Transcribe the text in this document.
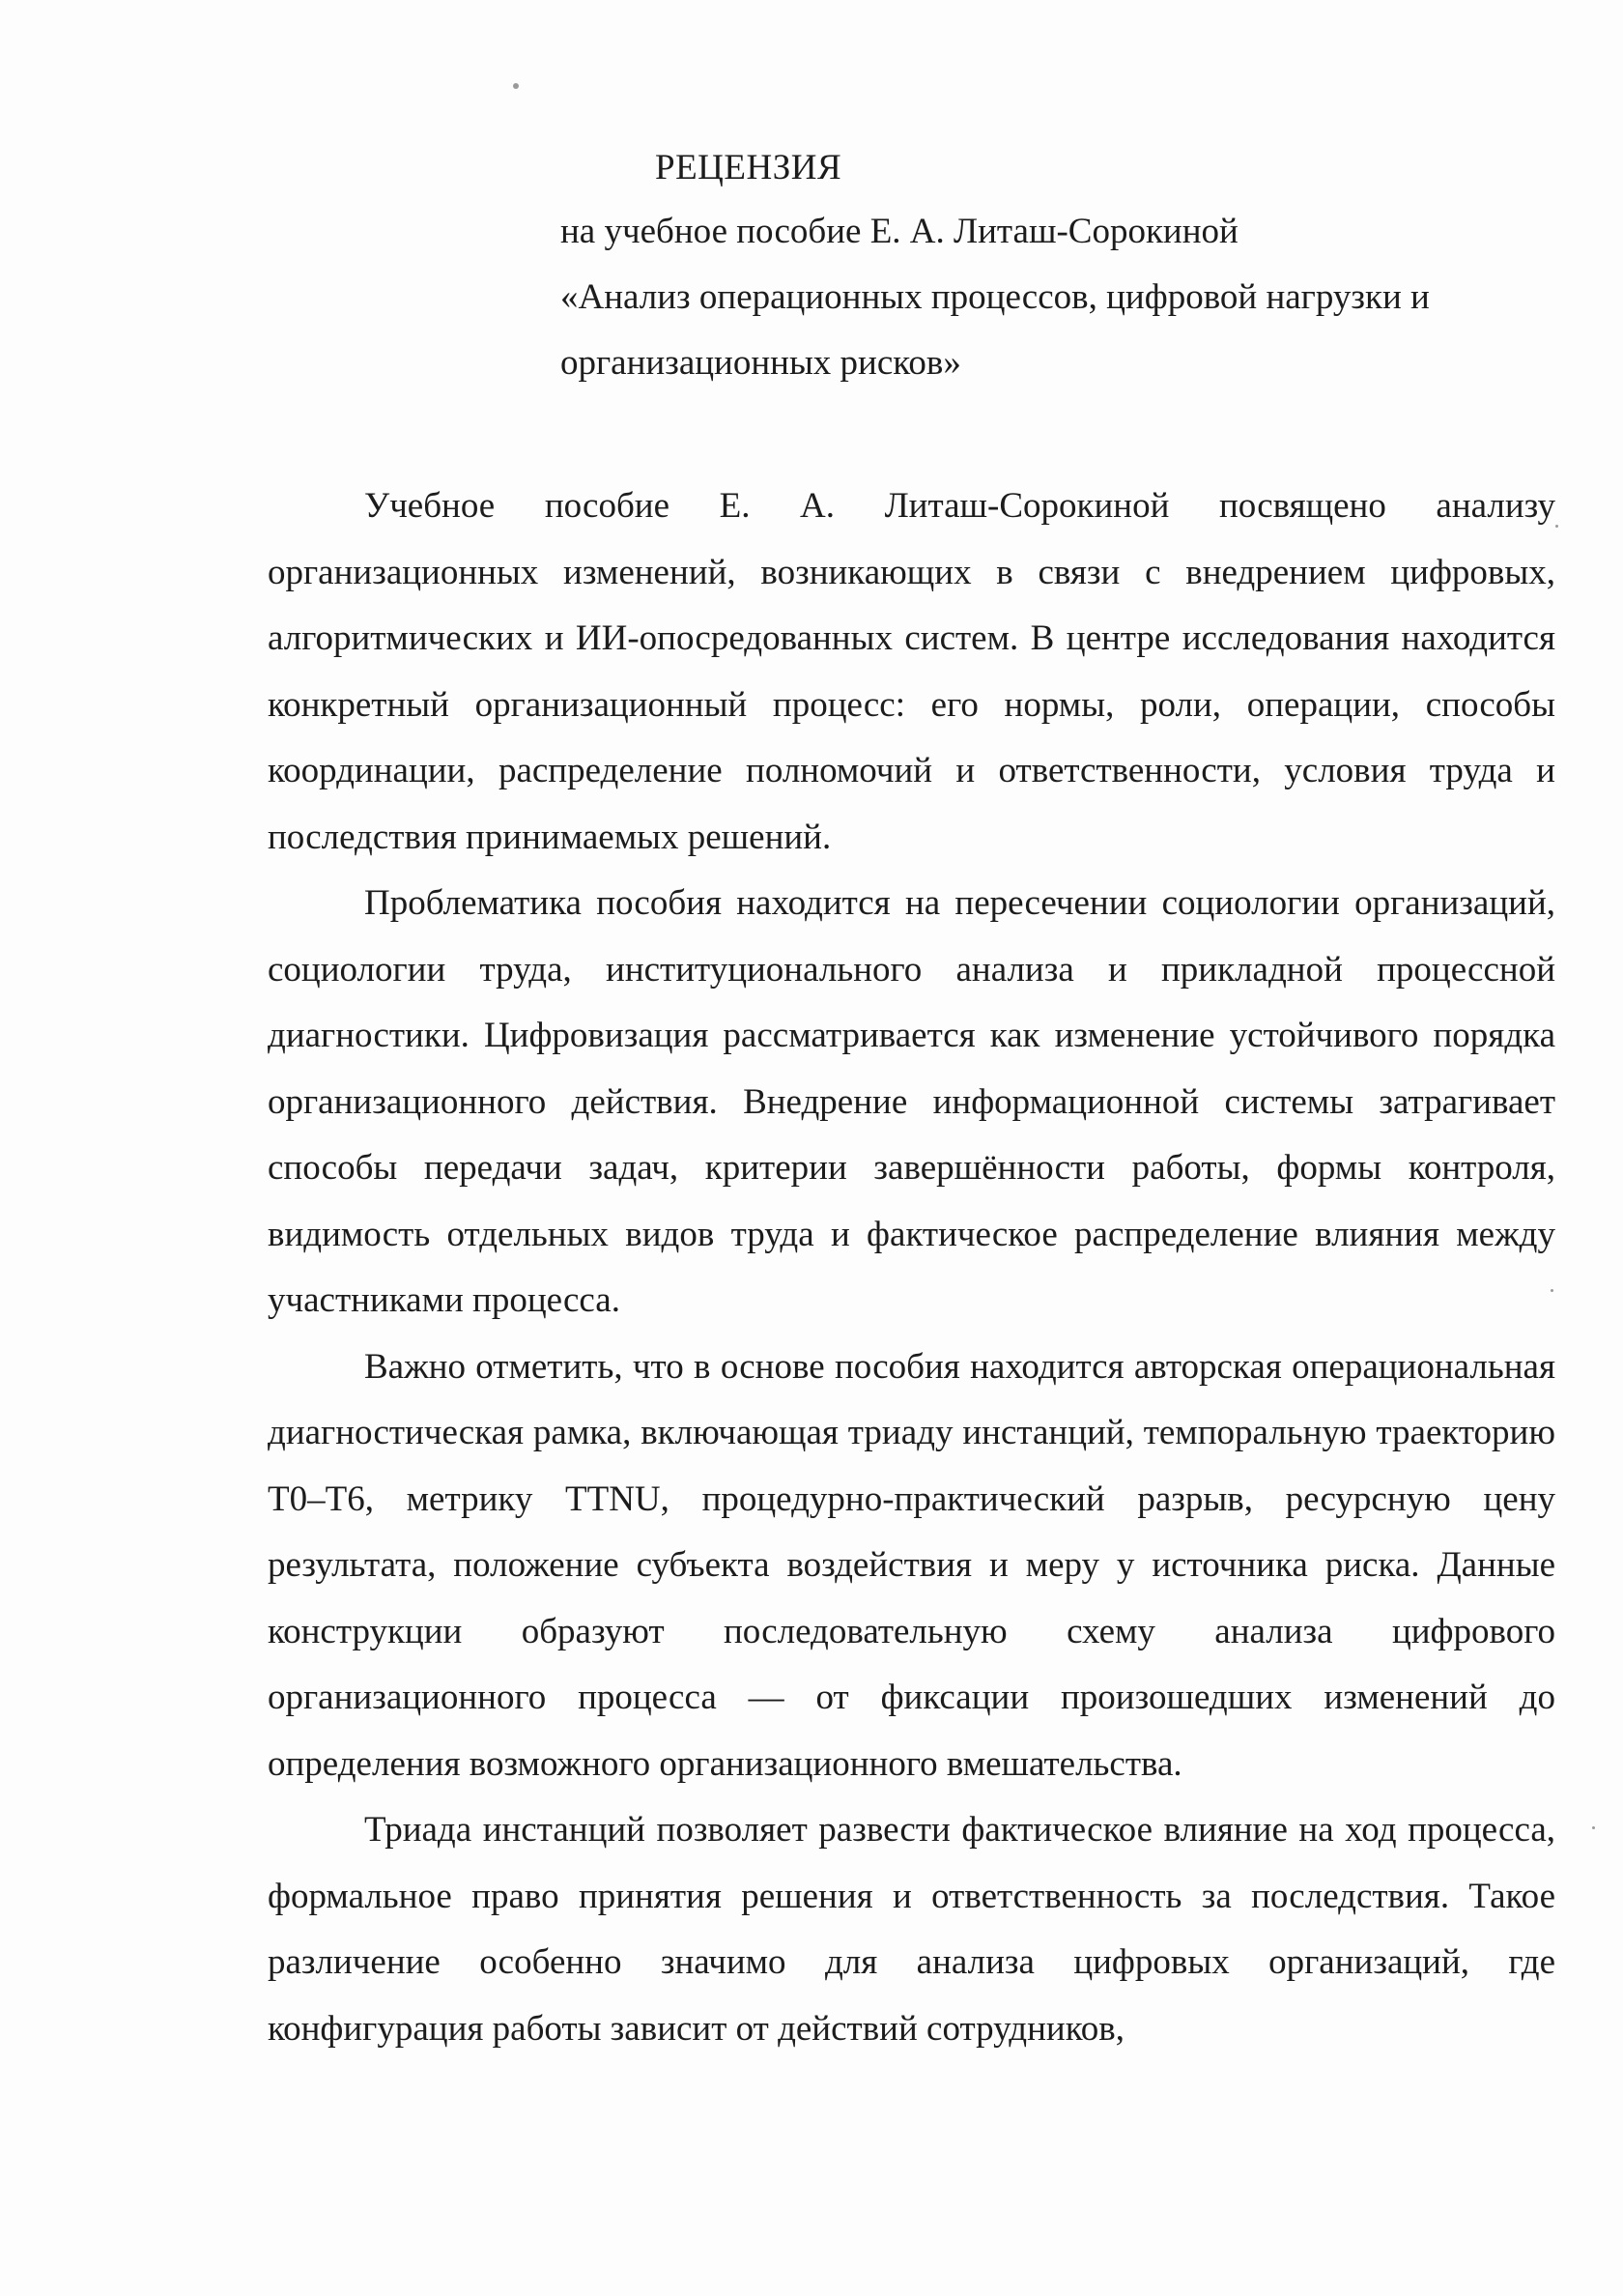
РЕЦЕНЗИЯ
на учебное пособие Е. А. Литаш-Сорокиной
«Анализ операционных процессов, цифровой нагрузки и
организационных рисков»

Учебное пособие Е. А. Литаш-Сорокиной посвящено анализу организационных изменений, возникающих в связи с внедрением цифровых, алгоритмических и ИИ-опосредованных систем. В центре исследования находится конкретный организационный процесс: его нормы, роли, операции, способы координации, распределение полномочий и ответственности, условия труда и последствия принимаемых решений.

Проблематика пособия находится на пересечении социологии организаций, социологии труда, институционального анализа и прикладной процессной диагностики. Цифровизация рассматривается как изменение устойчивого порядка организационного действия. Внедрение информационной системы затрагивает способы передачи задач, критерии завершённости работы, формы контроля, видимость отдельных видов труда и фактическое распределение влияния между участниками процесса.

Важно отметить, что в основе пособия находится авторская операциональная диагностическая рамка, включающая триаду инстанций, темпоральную траекторию Т0–Т6, метрику TTNU, процедурно-практический разрыв, ресурсную цену результата, положение субъекта воздействия и меру у источника риска. Данные конструкции образуют последовательную схему анализа цифрового организационного процесса — от фиксации произошедших изменений до определения возможного организационного вмешательства.

Триада инстанций позволяет развести фактическое влияние на ход процесса, формальное право принятия решения и ответственность за последствия. Такое различение особенно значимо для анализа цифровых организаций, где конфигурация работы зависит от действий сотрудников,
